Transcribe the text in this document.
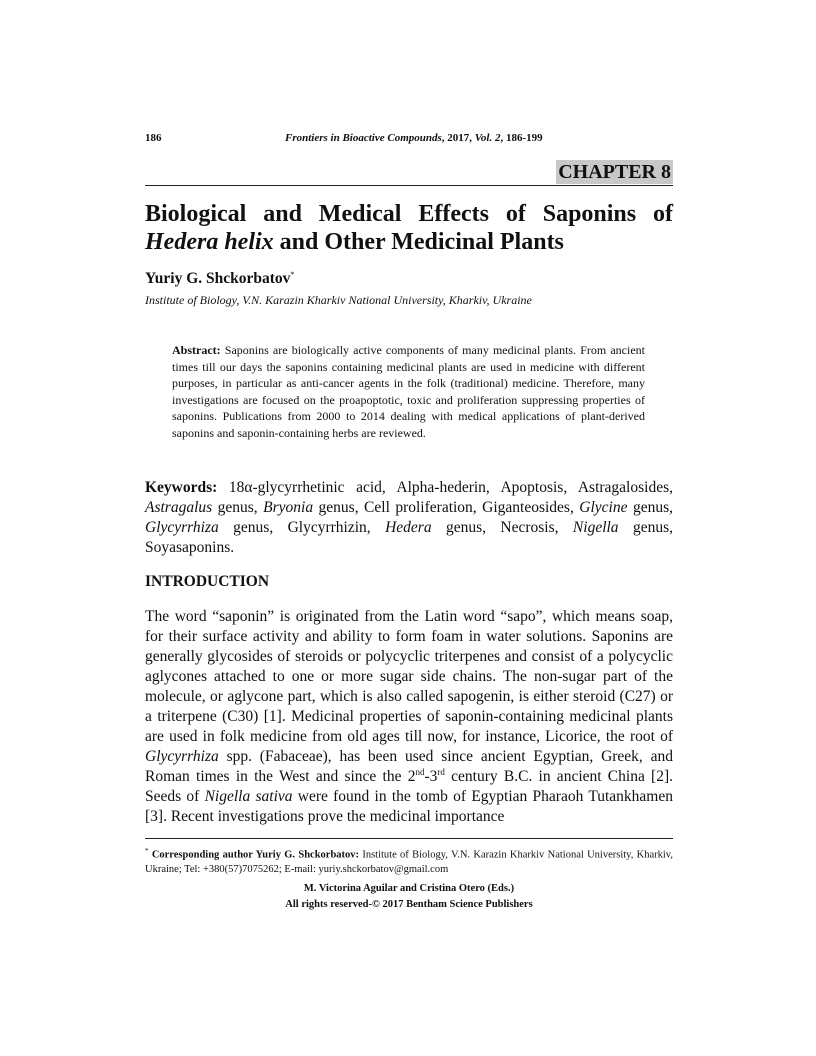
186	Frontiers in Bioactive Compounds, 2017, Vol. 2, 186-199
CHAPTER 8
Biological and Medical Effects of Saponins of
Hedera helix and Other Medicinal Plants
Yuriy G. Shckorbatov*
Institute of Biology, V.N. Karazin Kharkiv National University, Kharkiv, Ukraine
Abstract: Saponins are biologically active components of many medicinal plants. From ancient times till our days the saponins containing medicinal plants are used in medicine with different purposes, in particular as anti-cancer agents in the folk (traditional) medicine. Therefore, many investigations are focused on the proapoptotic, toxic and proliferation suppressing properties of saponins. Publications from 2000 to 2014 dealing with medical applications of plant-derived saponins and saponin-containing herbs are reviewed.
Keywords: 18α-glycyrrhetinic acid, Alpha-hederin, Apoptosis, Astragalosides, Astragalus genus, Bryonia genus, Cell proliferation, Giganteosides, Glycine genus, Glycyrrhiza genus, Glycyrrhizin, Hedera genus, Necrosis, Nigella genus, Soyasaponins.
INTRODUCTION
The word “saponin” is originated from the Latin word “sapo”, which means soap, for their surface activity and ability to form foam in water solutions. Saponins are generally glycosides of steroids or polycyclic triterpenes and consist of a polycyclic aglycones attached to one or more sugar side chains. The non-sugar part of the molecule, or aglycone part, which is also called sapogenin, is either steroid (C27) or a triterpene (C30) [1]. Medicinal properties of saponin-containing medicinal plants are used in folk medicine from old ages till now, for instance, Licorice, the root of Glycyrrhiza spp. (Fabaceae), has been used since ancient Egyptian, Greek, and Roman times in the West and since the 2nd-3rd century B.C. in ancient China [2]. Seeds of Nigella sativa were found in the tomb of Egyptian Pharaoh Tutankhamen [3]. Recent investigations prove the medicinal importance
* Corresponding author Yuriy G. Shckorbatov: Institute of Biology, V.N. Karazin Kharkiv National University, Kharkiv, Ukraine; Tel: +380(57)7075262; E-mail: yuriy.shckorbatov@gmail.com
M. Victorina Aguilar and Cristina Otero (Eds.)
All rights reserved-© 2017 Bentham Science Publishers
